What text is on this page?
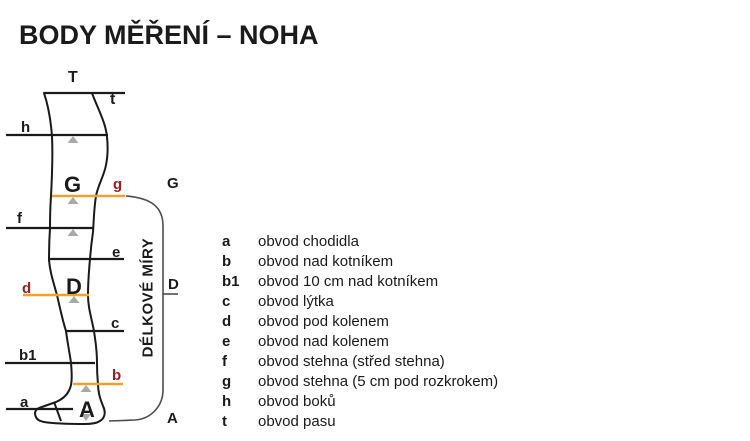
BODY MĚŘENÍ – NOHA
T
t
h
G g
f
e
d D
c
b1
b
a A
G
D
A
DÉLKOVÉ MÍRY	a	obvod chodidla
b	obvod nad kotníkem
b1	obvod 10 cm nad kotníkem
c	obvod lýtka
d	obvod pod kolenem
e	obvod nad kolenem
f	obvod stehna (střed stehna)
g	obvod stehna (5 cm pod rozkrokem)
h	obvod boků
t	obvod pasu
